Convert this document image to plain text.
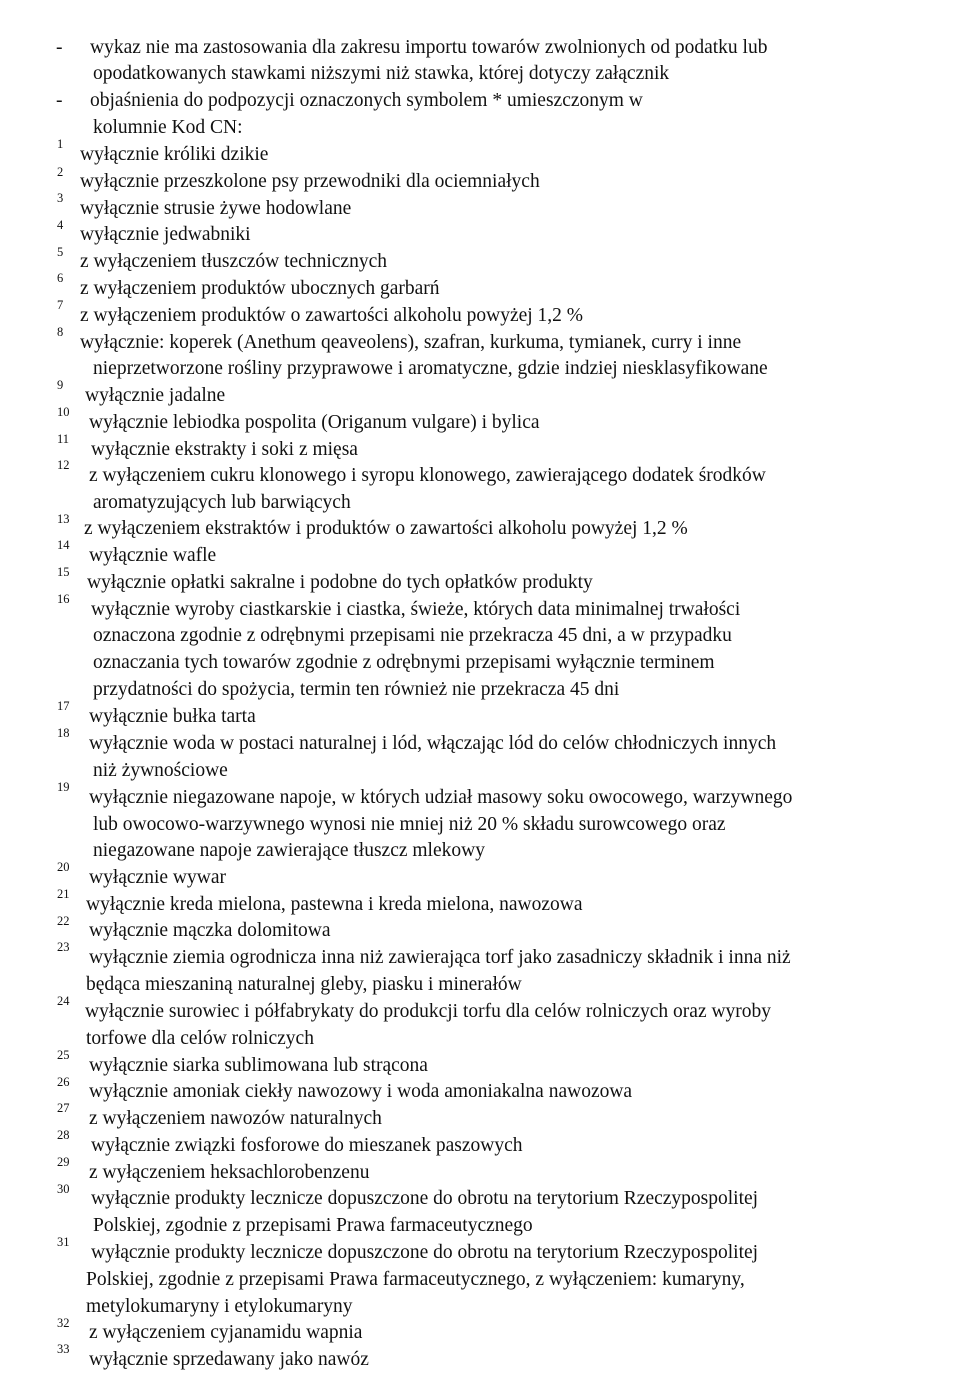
- wykaz nie ma zastosowania dla zakresu importu towarów zwolnionych od podatku lub

opodatkowanych stawkami niższymi niż stawka, której dotyczy załącznik

- objaśnienia do podpozycji oznaczonych symbolem * umieszczonym w

kolumnie Kod CN:

1 wyłącznie króliki dzikie

2 wyłącznie przeszkolone psy przewodniki dla ociemniałych

3 wyłącznie strusie żywe hodowlane

4 wyłącznie jedwabniki

5 z wyłączeniem tłuszczów technicznych

6 z wyłączeniem produktów ubocznych garbarń

7 z wyłączeniem produktów o zawartości alkoholu powyżej 1,2 %

8 wyłącznie: koperek (Anethum qeaveolens), szafran, kurkuma, tymianek, curry i inne

nieprzetworzone rośliny przyprawowe i aromatyczne, gdzie indziej niesklasyfikowane

9 wyłącznie jadalne

10 wyłącznie lebiodka pospolita (Origanum vulgare) i bylica

11 wyłącznie ekstrakty i soki z mięsa

12 z wyłączeniem cukru klonowego i syropu klonowego, zawierającego dodatek środków

aromatyzujących lub barwiących

13 z wyłączeniem ekstraktów i produktów o zawartości alkoholu powyżej 1,2 %

14 wyłącznie wafle

15 wyłącznie opłatki sakralne i podobne do tych opłatków produkty

16 wyłącznie wyroby ciastkarskie i ciastka, świeże, których data minimalnej trwałości

oznaczona zgodnie z odrębnymi przepisami nie przekracza 45 dni, a w przypadku

oznaczania tych towarów zgodnie z odrębnymi przepisami wyłącznie terminem

przydatności do spożycia, termin ten również nie przekracza 45 dni

17 wyłącznie bułka tarta

18 wyłącznie woda w postaci naturalnej i lód, włączając lód do celów chłodniczych innych

niż żywnościowe

19 wyłącznie niegazowane napoje, w których udział masowy soku owocowego, warzywnego

lub owocowo-warzywnego wynosi nie mniej niż 20 % składu surowcowego oraz

niegazowane napoje zawierające tłuszcz mlekowy

20 wyłącznie wywar

21 wyłącznie kreda mielona, pastewna i kreda mielona, nawozowa

22 wyłącznie mączka dolomitowa

23 wyłącznie ziemia ogrodnicza inna niż zawierająca torf jako zasadniczy składnik i inna niż

będąca mieszaniną naturalnej gleby, piasku i minerałów

24 wyłącznie surowiec i półfabrykaty do produkcji torfu dla celów rolniczych oraz wyroby

torfowe dla celów rolniczych

25 wyłącznie siarka sublimowana lub strącona

26 wyłącznie amoniak ciekły nawozowy i woda amoniakalna nawozowa

27 z wyłączeniem nawozów naturalnych

28 wyłącznie związki fosforowe do mieszanek paszowych

29 z wyłączeniem heksachlorobenzenu

30 wyłącznie produkty lecznicze dopuszczone do obrotu na terytorium Rzeczypospolitej

Polskiej, zgodnie z przepisami Prawa farmaceutycznego

31 wyłącznie produkty lecznicze dopuszczone do obrotu na terytorium Rzeczypospolitej

Polskiej, zgodnie z przepisami Prawa farmaceutycznego, z wyłączeniem: kumaryny,

metylokumaryny i etylokumaryny

32 z wyłączeniem cyjanamidu wapnia

33 wyłącznie sprzedawany jako nawóz
